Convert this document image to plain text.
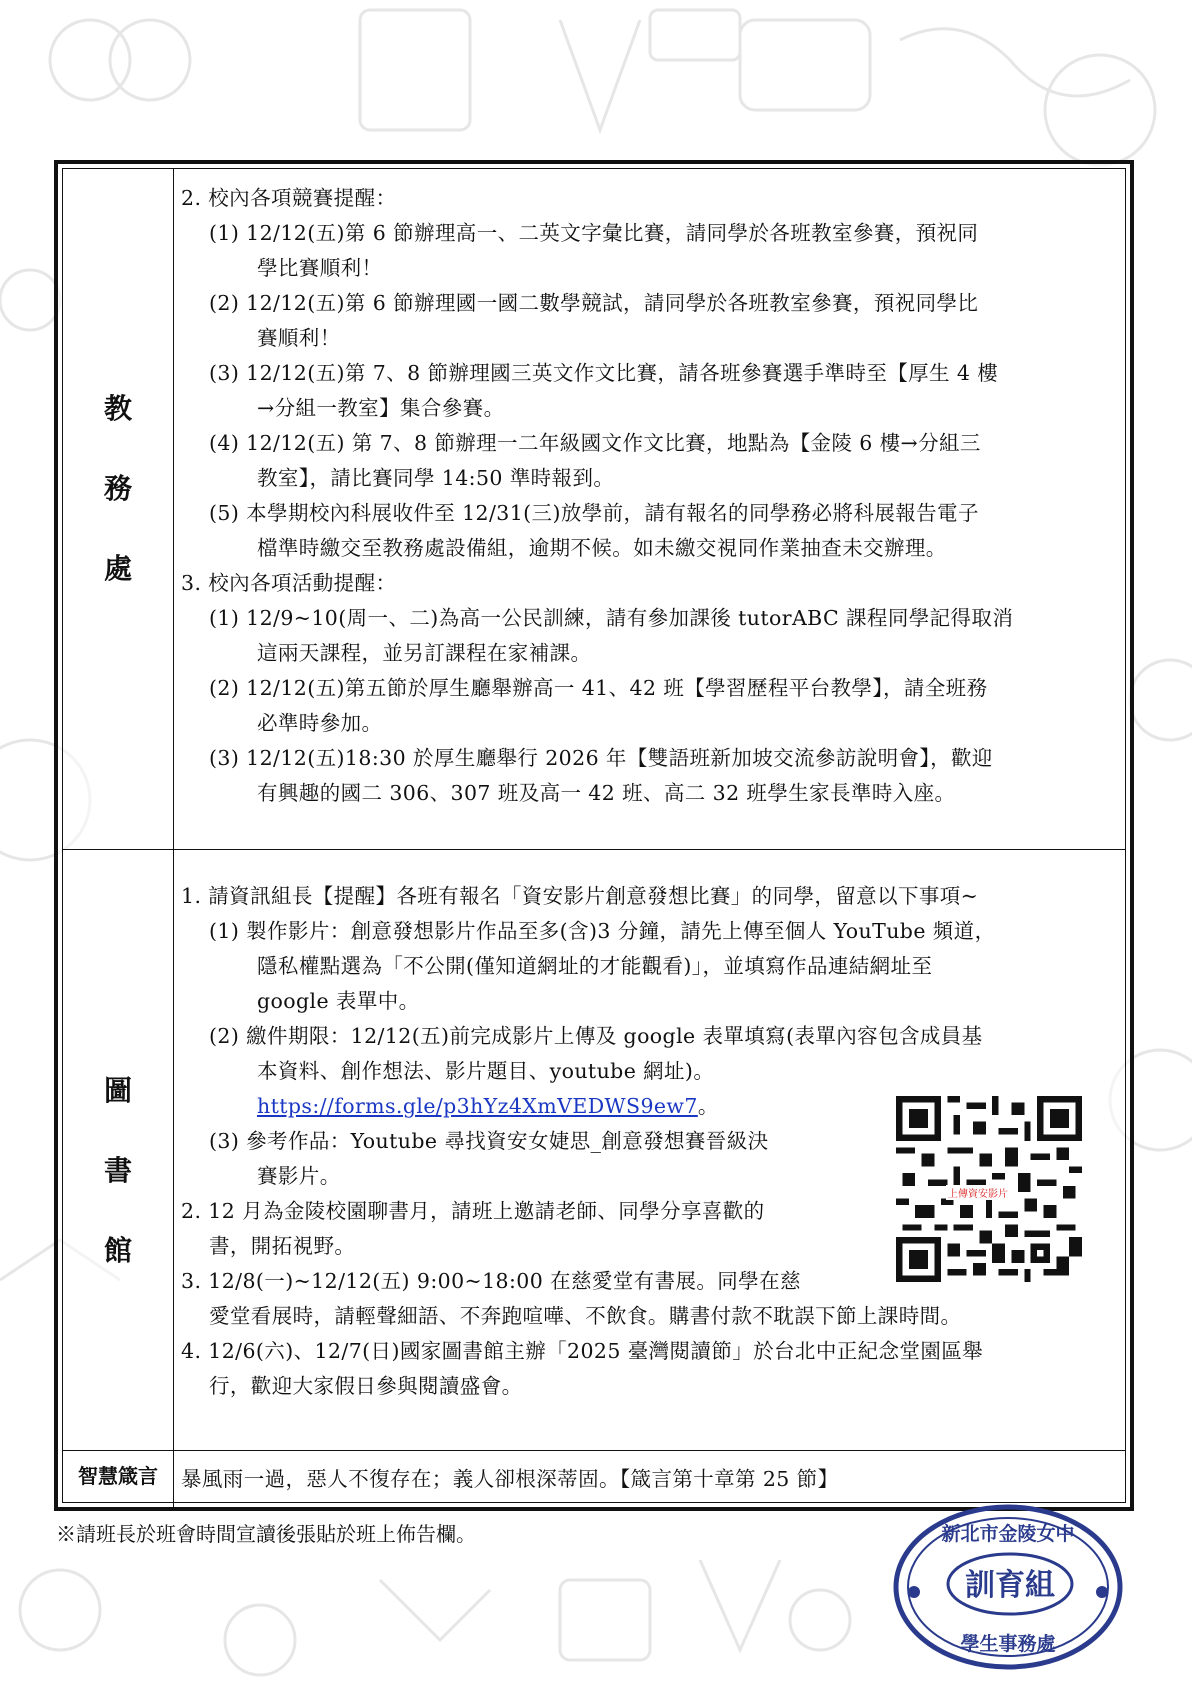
教
務
處
2. 校內各項競賽提醒：
(1) 12/12(五)第 6 節辦理高一、二英文字彙比賽，請同學於各班教室參賽，預祝同
學比賽順利！
(2) 12/12(五)第 6 節辦理國一國二數學競試，請同學於各班教室參賽，預祝同學比
賽順利！
(3) 12/12(五)第 7、8 節辦理國三英文作文比賽，請各班參賽選手準時至【厚生 4 樓
→分組一教室】集合參賽。
(4) 12/12(五) 第 7、8 節辦理一二年級國文作文比賽，地點為【金陵 6 樓→分組三
教室】，請比賽同學 14:50 準時報到。
(5) 本學期校內科展收件至 12/31(三)放學前，請有報名的同學務必將科展報告電子
檔準時繳交至教務處設備組，逾期不候。如未繳交視同作業抽查未交辦理。
3. 校內各項活動提醒：
(1) 12/9~10(周一、二)為高一公民訓練，請有參加課後 tutorABC 課程同學記得取消
這兩天課程，並另訂課程在家補課。
(2) 12/12(五)第五節於厚生廳舉辦高一 41、42 班【學習歷程平台教學】，請全班務
必準時參加。
(3) 12/12(五)18:30 於厚生廳舉行 2026 年【雙語班新加坡交流參訪說明會】，歡迎
有興趣的國二 306、307 班及高一 42 班、高二 32 班學生家長準時入座。
圖
書
館
1. 請資訊組長【提醒】各班有報名「資安影片創意發想比賽」的同學，留意以下事項~
(1) 製作影片：創意發想影片作品至多(含)3 分鐘，請先上傳至個人 YouTube 頻道，
隱私權點選為「不公開(僅知道網址的才能觀看)」，並填寫作品連結網址至
google 表單中。
(2) 繳件期限：12/12(五)前完成影片上傳及 google 表單填寫(表單內容包含成員基
本資料、創作想法、影片題目、youtube 網址)。
https://forms.gle/p3hYz4XmVEDWS9ew7。
(3) 參考作品：Youtube 尋找資安女婕思_創意發想賽晉級決
賽影片。
2. 12 月為金陵校園聊書月，請班上邀請老師、同學分享喜歡的
書，開拓視野。
3. 12/8(一)~12/12(五) 9:00~18:00 在慈愛堂有書展。同學在慈
愛堂看展時，請輕聲細語、不奔跑喧嘩、不飲食。購書付款不耽誤下節上課時間。
4. 12/6(六)、12/7(日)國家圖書館主辦「2025 臺灣閱讀節」於台北中正紀念堂園區舉
行，歡迎大家假日參與閱讀盛會。
智慧箴言	暴風雨一過，惡人不復存在；義人卻根深蒂固。【箴言第十章第 25 節】
上傳資安影片
※請班長於班會時間宣讀後張貼於班上佈告欄。
訓育組
新北市金陵女中
學生事務處
